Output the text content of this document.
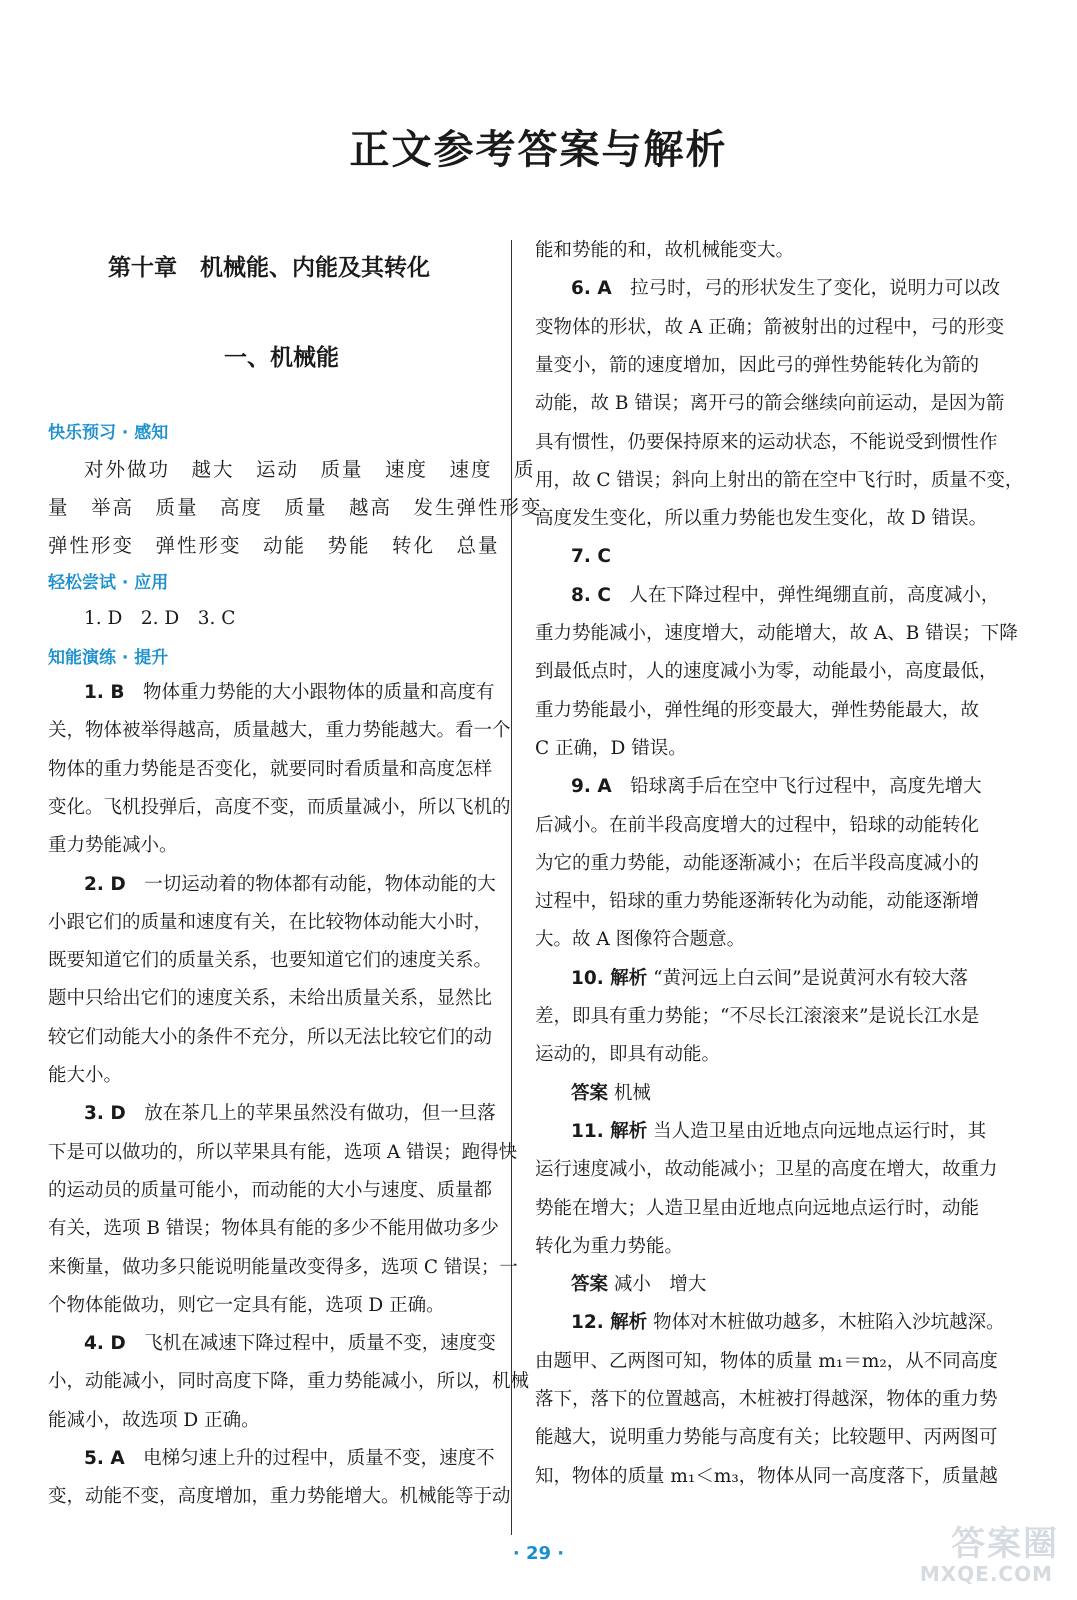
正文参考答案与解析
第十章　机械能、内能及其转化
一、机械能
快乐预习 · 感知
对外做功　越大　运动　质量　速度　速度　质
量　举高　质量　高度　质量　越高　发生弹性形变
弹性形变　弹性形变　动能　势能　转化　总量
轻松尝试 · 应用
1. D　2. D　3. C
知能演练 · 提升
1. B　物体重力势能的大小跟物体的质量和高度有
关，物体被举得越高，质量越大，重力势能越大。看一个
物体的重力势能是否变化，就要同时看质量和高度怎样
变化。飞机投弹后，高度不变，而质量减小，所以飞机的
重力势能减小。
2. D　一切运动着的物体都有动能，物体动能的大
小跟它们的质量和速度有关，在比较物体动能大小时，
既要知道它们的质量关系，也要知道它们的速度关系。
题中只给出它们的速度关系，未给出质量关系，显然比
较它们动能大小的条件不充分，所以无法比较它们的动
能大小。
3. D　放在茶几上的苹果虽然没有做功，但一旦落
下是可以做功的，所以苹果具有能，选项 A 错误；跑得快
的运动员的质量可能小，而动能的大小与速度、质量都
有关，选项 B 错误；物体具有能的多少不能用做功多少
来衡量，做功多只能说明能量改变得多，选项 C 错误；一
个物体能做功，则它一定具有能，选项 D 正确。
4. D　飞机在减速下降过程中，质量不变，速度变
小，动能减小，同时高度下降，重力势能减小，所以，机械
能减小，故选项 D 正确。
5. A　电梯匀速上升的过程中，质量不变，速度不
变，动能不变，高度增加，重力势能增大。机械能等于动
能和势能的和，故机械能变大。
6. A　拉弓时，弓的形状发生了变化，说明力可以改
变物体的形状，故 A 正确；箭被射出的过程中，弓的形变
量变小，箭的速度增加，因此弓的弹性势能转化为箭的
动能，故 B 错误；离开弓的箭会继续向前运动，是因为箭
具有惯性，仍要保持原来的运动状态，不能说受到惯性作
用，故 C 错误；斜向上射出的箭在空中飞行时，质量不变，
高度发生变化，所以重力势能也发生变化，故 D 错误。
7. C
8. C　人在下降过程中，弹性绳绷直前，高度减小，
重力势能减小，速度增大，动能增大，故 A、B 错误；下降
到最低点时，人的速度减小为零，动能最小，高度最低，
重力势能最小，弹性绳的形变最大，弹性势能最大，故
C 正确，D 错误。
9. A　铅球离手后在空中飞行过程中，高度先增大
后减小。在前半段高度增大的过程中，铅球的动能转化
为它的重力势能，动能逐渐减小；在后半段高度减小的
过程中，铅球的重力势能逐渐转化为动能，动能逐渐增
大。故 A 图像符合题意。
10. 解析 “黄河远上白云间”是说黄河水有较大落
差，即具有重力势能；“不尽长江滚滚来”是说长江水是
运动的，即具有动能。
答案 机械
11. 解析 当人造卫星由近地点向远地点运行时，其
运行速度减小，故动能减小；卫星的高度在增大，故重力
势能在增大；人造卫星由近地点向远地点运行时，动能
转化为重力势能。
答案 减小　增大
12. 解析 物体对木桩做功越多，木桩陷入沙坑越深。
由题甲、乙两图可知，物体的质量 m₁＝m₂，从不同高度
落下，落下的位置越高，木桩被打得越深，物体的重力势
能越大，说明重力势能与高度有关；比较题甲、丙两图可
知，物体的质量 m₁＜m₃，物体从同一高度落下，质量越
· 29 ·	答案圈
MXQE.COM
